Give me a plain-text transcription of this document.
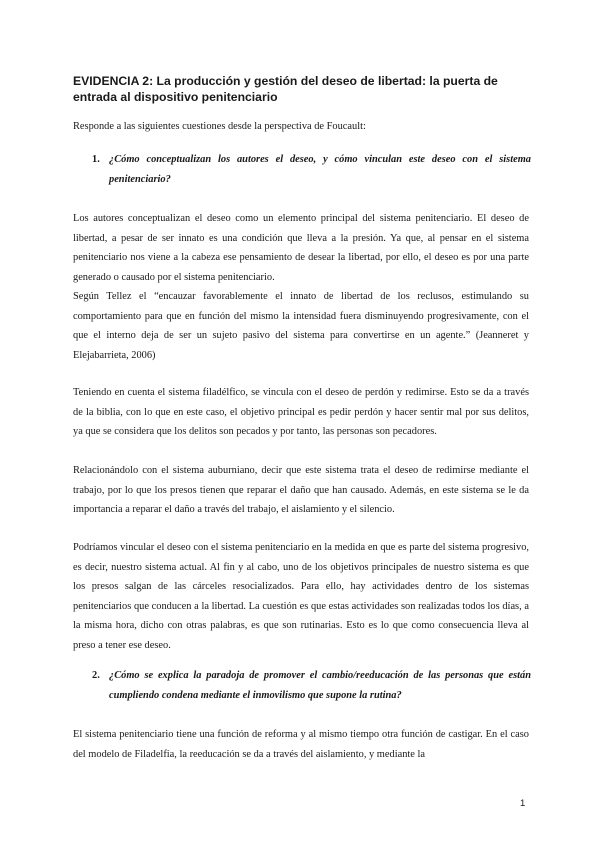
EVIDENCIA 2: La producción y gestión del deseo de libertad: la puerta de entrada al dispositivo penitenciario

Responde a las siguientes cuestiones desde la perspectiva de Foucault:

1. ¿Cómo conceptualizan los autores el deseo, y cómo vinculan este deseo con el sistema penitenciario?

Los autores conceptualizan el deseo como un elemento principal del sistema penitenciario. El deseo de libertad, a pesar de ser innato es una condición que lleva a la presión. Ya que, al pensar en el sistema penitenciario nos viene a la cabeza ese pensamiento de desear la libertad, por ello, el deseo es por una parte generado o causado por el sistema penitenciario.

Según Tellez el “encauzar favorablemente el innato de libertad de los reclusos, estimulando su comportamiento para que en función del mismo la intensidad fuera disminuyendo progresivamente, con el que el interno deja de ser un sujeto pasivo del sistema para convertirse en un agente.” (Jeanneret y Elejabarrieta, 2006)

Teniendo en cuenta el sistema filadélfico, se vincula con el deseo de perdón y redimirse. Esto se da a través de la biblia, con lo que en este caso, el objetivo principal es pedir perdón y hacer sentir mal por sus delitos, ya que se considera que los delitos son pecados y por tanto, las personas son pecadores.

Relacionándolo con el sistema auburniano, decir que este sistema trata el deseo de redimirse mediante el trabajo, por lo que los presos tienen que reparar el daño que han causado. Además, en este sistema se le da importancia a reparar el daño a través del trabajo, el aislamiento y el silencio.

Podríamos vincular el deseo con el sistema penitenciario en la medida en que es parte del sistema progresivo, es decir, nuestro sistema actual. Al fin y al cabo, uno de los objetivos principales de nuestro sistema es que los presos salgan de las cárceles resocializados. Para ello, hay actividades dentro de los sistemas penitenciarios que conducen a la libertad. La cuestión es que estas actividades son realizadas todos los días, a la misma hora, dicho con otras palabras, es que son rutinarias. Esto es lo que como consecuencia lleva al preso a tener ese deseo.

2. ¿Cómo se explica la paradoja de promover el cambio/reeducación de las personas que están cumpliendo condena mediante el inmovilismo que supone la rutina?

El sistema penitenciario tiene una función de reforma y al mismo tiempo otra función de castigar. En el caso del modelo de Filadelfia, la reeducación se da a través del aislamiento, y mediante la

1
